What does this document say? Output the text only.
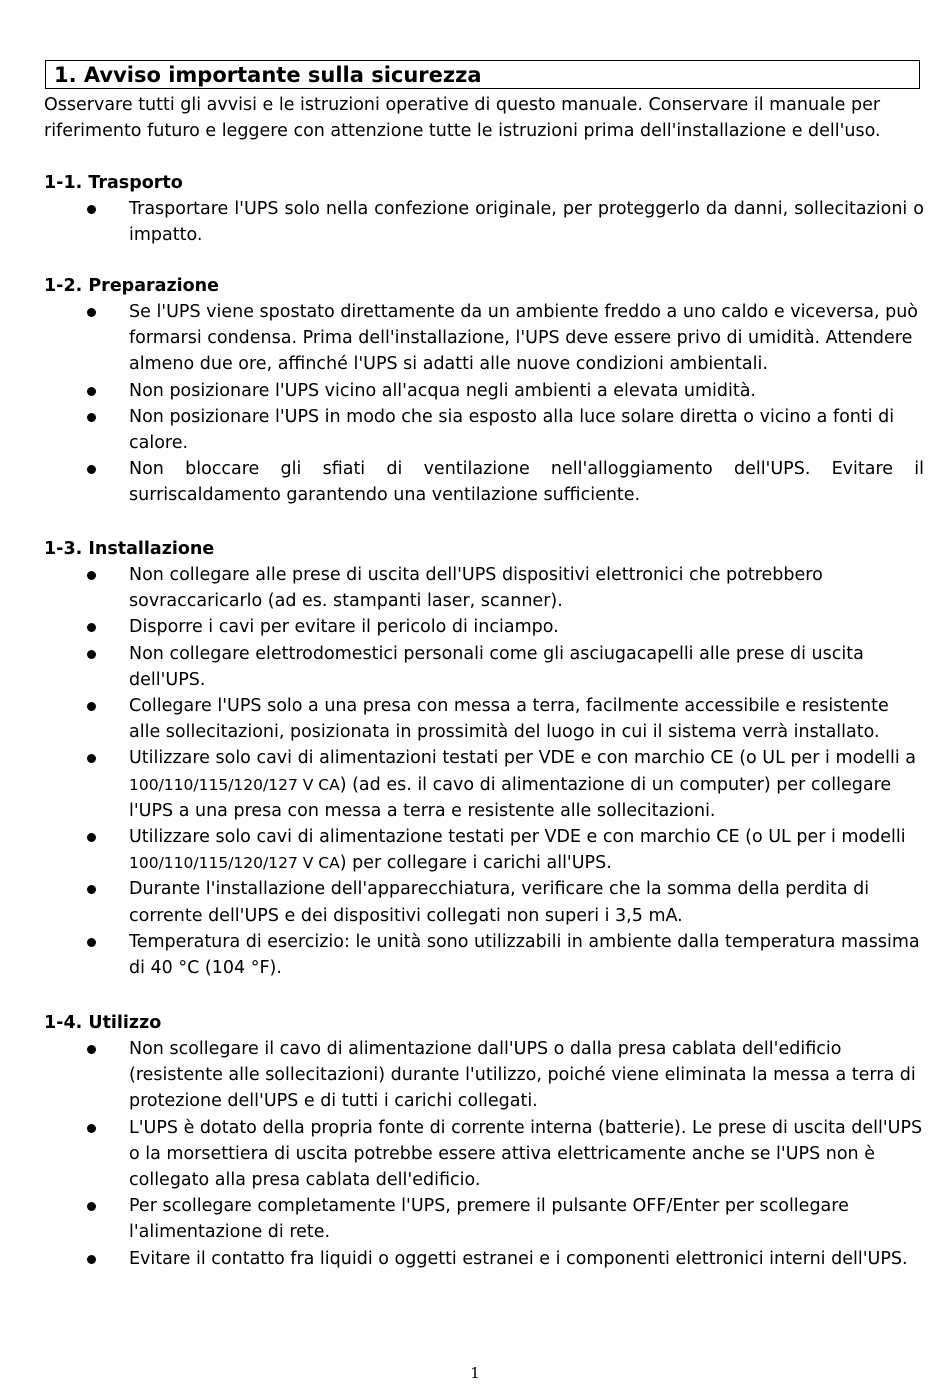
1. Avviso importante sulla sicurezza

Osservare tutti gli avvisi e le istruzioni operative di questo manuale. Conservare il manuale per riferimento futuro e leggere con attenzione tutte le istruzioni prima dell'installazione e dell'uso.

1-1. Trasporto
Trasportare l'UPS solo nella confezione originale, per proteggerlo da danni, sollecitazioni o impatto.
1-2. Preparazione
Se l'UPS viene spostato direttamente da un ambiente freddo a uno caldo e viceversa, può formarsi condensa. Prima dell'installazione, l'UPS deve essere privo di umidità. Attendere almeno due ore, affinché l'UPS si adatti alle nuove condizioni ambientali.
Non posizionare l'UPS vicino all'acqua negli ambienti a elevata umidità.
Non posizionare l'UPS in modo che sia esposto alla luce solare diretta o vicino a fonti di calore.
Non bloccare gli sfiati di ventilazione nell'alloggiamento dell'UPS. Evitare il surriscaldamento garantendo una ventilazione sufficiente.
1-3. Installazione
Non collegare alle prese di uscita dell'UPS dispositivi elettronici che potrebbero sovraccaricarlo (ad es. stampanti laser, scanner).
Disporre i cavi per evitare il pericolo di inciampo.
Non collegare elettrodomestici personali come gli asciugacapelli alle prese di uscita dell'UPS.
Collegare l'UPS solo a una presa con messa a terra, facilmente accessibile e resistente alle sollecitazioni, posizionata in prossimità del luogo in cui il sistema verrà installato.
Utilizzare solo cavi di alimentazioni testati per VDE e con marchio CE (o UL per i modelli a 100/110/115/120/127 V CA) (ad es. il cavo di alimentazione di un computer) per collegare l'UPS a una presa con messa a terra e resistente alle sollecitazioni.
Utilizzare solo cavi di alimentazione testati per VDE e con marchio CE (o UL per i modelli 100/110/115/120/127 V CA) per collegare i carichi all'UPS.
Durante l'installazione dell'apparecchiatura, verificare che la somma della perdita di corrente dell'UPS e dei dispositivi collegati non superi i 3,5 mA.
Temperatura di esercizio: le unità sono utilizzabili in ambiente dalla temperatura massima di 40 °C (104 °F).
1-4. Utilizzo
Non scollegare il cavo di alimentazione dall'UPS o dalla presa cablata dell'edificio (resistente alle sollecitazioni) durante l'utilizzo, poiché viene eliminata la messa a terra di protezione dell'UPS e di tutti i carichi collegati.
L'UPS è dotato della propria fonte di corrente interna (batterie). Le prese di uscita dell'UPS o la morsettiera di uscita potrebbe essere attiva elettricamente anche se l'UPS non è collegato alla presa cablata dell'edificio.
Per scollegare completamente l'UPS, premere il pulsante OFF/Enter per scollegare l'alimentazione di rete.
Evitare il contatto fra liquidi o oggetti estranei e i componenti elettronici interni dell'UPS.
1
